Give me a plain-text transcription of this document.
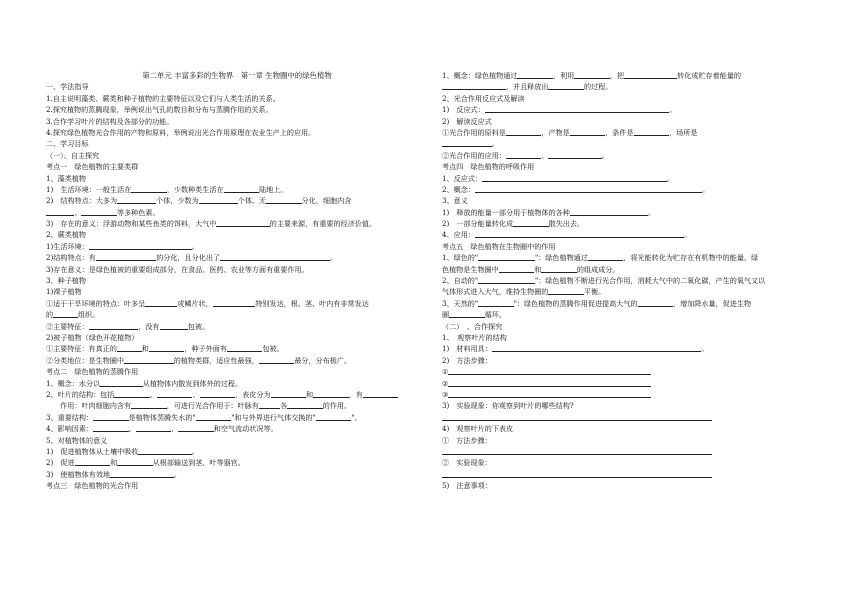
第二单元 丰富多彩的生物界　第一章 生物圈中的绿色植物
一、学法指导
1.自主说明藻类、蕨类和种子植物的主要特征以及它们与人类生活的关系。
2.探究植物的蒸腾现象，举例说出气孔的数目和分布与蒸腾作用的关系。
3.合作学习叶片的结构及各部分的功能。
4.探究绿色植物光合作用的产物和原料，举例说出光合作用原理在农业生产上的应用。
二、学习目标
（一）、自主探究
考点一　绿色植物的主要类群
1、藻类植物
1)　生活环境：一般生活在	，少数种类生活在	陆地上。
2)　结构特点：大多为	个体，少数为	个体。无	分化，细胞内含
、	等多种色素。
3)　存在的意义：浮游动物和某些鱼类的饵料，大气中	的主要来源，有重要的经济价值。
2、蕨类植物
1)生活环境：	。
2)结构特点：有	的分化，且分化出了	。
3)存在意义：是绿色植被的重要组成部分，在食品、医药、农业等方面有重要作用。
3、种子植物
1)裸子植物
①适于干旱环境的特点：叶多呈	或鳞片状，	特别发达，根、茎、叶内有非常发达
的	组织。
②主要特征：	，没有	包被。
2)被子植物（绿色开花植物）
①主要特征：有真正的	和	，种子外面有	包被。
②分类地位：是生物圈中	的植物类群，适应性最强，	最分，分布极广。
考点二　绿色植物的蒸腾作用
1、概念：水分以	从植物体内散发到体外的过程。
2、叶片的结构：包括	、	、	，表皮分为	和	，有
　　作用：叶肉细胞内含有	，可进行光合作用于：叶脉有	各	的作用。
3、重要结构：	是植物体蒸腾失水的"	"和与外界进行气体交换的"	"。
4、影响因素：	、	、	和空气流动状况等。
5、对植物体的意义
1)　促进植物体从土壤中吸收	。
2)　促进	和	从根部输送到茎、叶等器官。
3)　使植物体有效地	。
考点三　绿色植物的光合作用
1、概念：绿色植物通过	，利用	，把	转化成贮存着能量的
，并且释放出	的过程。
2、光合作用反应式及解读
1)　反应式：	。
2)　解读反应式
①光合作用的原料是	，产物是	，条件是	，场所是
。
②光合作用的应用：	、	。
考点四　绿色植物的呼吸作用
1、反应式：	。
2、概念：	。
3、意义
1)　释放的能量一部分用于植物体的各种	。
2)　一部分能量转化成	散失出去。
4、应用：	。
考点五　绿色植物在生物圈中的作用
1、绿色的"	"：绿色植物通过	，将光能转化为贮存在有机物中的能量，绿
色植物是生物圈中	和	的组成成分。
2、自动的"	"：绿色植物不断进行光合作用，消耗大气中的二氧化碳，产生的氧气又以
气体形式进入大气，维持生物圈的	平衡。
3、天然的"	"：绿色植物的蒸腾作用促进提高大气的	，增加降水量，促进生物
圈	循环。
（二）　、合作探究
1、　观察叶片的结构
1)　材料用具：	。
2)　方法步骤：
①
②
③
3)　实验现象：你观察到叶片的哪些结构?
4)　观察叶片的下表皮
①　方法步骤：
②　实验现象：
5)　注意事项：
